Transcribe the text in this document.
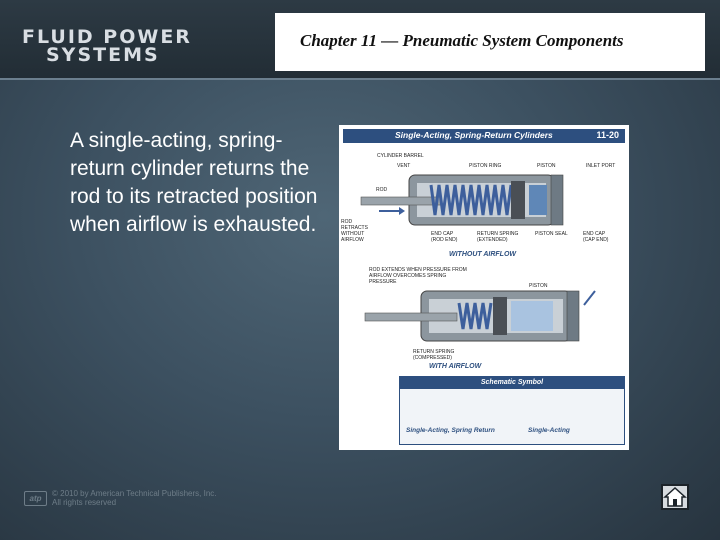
FLUID POWER
SYSTEMS
Chapter 11 — Pneumatic System Components
A single-acting, spring-return cylinder returns the rod to its retracted position when airflow is exhausted.
Single-Acting, Spring-Return Cylinders	11-20
CYLINDER BARREL
VENT	PISTON RING	PISTON	INLET PORT
ROD
ROD RETRACTS WITHOUT AIRFLOW
END CAP (ROD END)
RETURN SPRING (EXTENDED)
PISTON SEAL	END CAP (CAP END)
WITHOUT AIRFLOW
ROD EXTENDS WHEN PRESSURE FROM AIRFLOW OVERCOMES SPRING PRESSURE
PISTON
RETURN SPRING (COMPRESSED)
WITH AIRFLOW
Schematic Symbol
Single-Acting, Spring Return	Single-Acting
atp
© 2010 by American Technical Publishers, Inc.
All rights reserved
